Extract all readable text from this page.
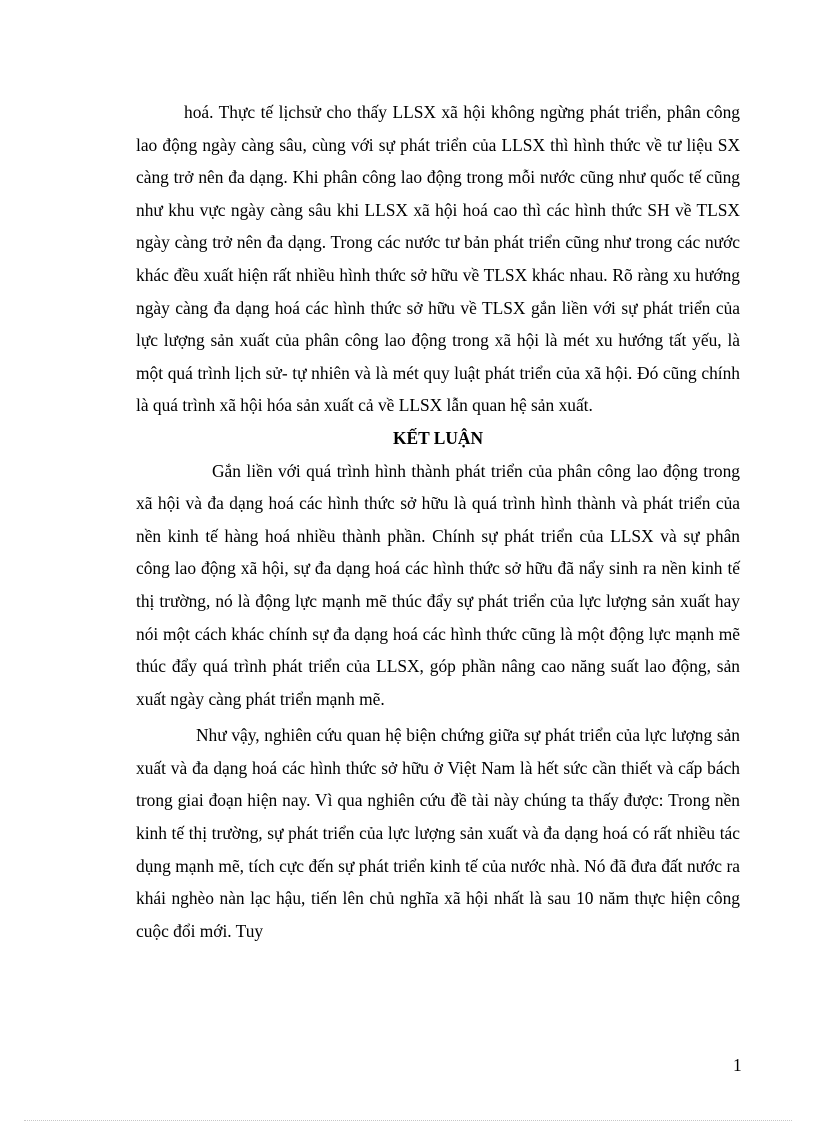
hoá. Thực tế lịchsử cho thấy LLSX xã hội không ngừng phát triển, phân công lao động ngày càng sâu, cùng với sự phát triển của LLSX thì hình thức về tư liệu SX càng trở nên đa dạng. Khi phân công lao động trong mỗi nước cũng như quốc tế cũng như khu vực ngày càng sâu khi LLSX xã hội hoá cao thì các hình thức SH về TLSX ngày càng trở nên đa dạng. Trong các nước tư bản phát triển cũng như trong các nước khác đều xuất hiện rất nhiều hình thức sở hữu về TLSX khác nhau. Rõ ràng xu hướng ngày càng đa dạng hoá các hình thức sở hữu về TLSX gắn liền với sự phát triển của lực lượng sản xuất của phân công lao động trong xã hội là mét xu hướng tất yếu, là một quá trình lịch sử- tự nhiên và là mét quy luật phát triển của xã hội. Đó cũng chính là quá trình xã hội hóa sản xuất cả về LLSX lẫn quan hệ sản xuất.

KẾT LUẬN

Gắn liền với quá trình hình thành phát triển của phân công lao động trong xã hội và đa dạng hoá các hình thức sở hữu là quá trình hình thành và phát triển của nền kinh tế hàng hoá nhiều thành phần. Chính sự phát triển của LLSX và sự phân công lao động xã hội, sự đa dạng hoá các hình thức sở hữu đã nẩy sinh ra nền kinh tế thị trường, nó là động lực mạnh mẽ thúc đẩy sự phát triển của lực lượng sản xuất hay nói một cách khác chính sự đa dạng hoá các hình thức cũng là một động lực mạnh mẽ thúc đẩy quá trình phát triển của LLSX, góp phần nâng cao năng suất lao động, sản xuất ngày càng phát triển mạnh mẽ.

Như vậy, nghiên cứu quan hệ biện chứng giữa sự phát triển của lực lượng sản xuất và đa dạng hoá các hình thức sở hữu ở Việt Nam là hết sức cần thiết và cấp bách trong giai đoạn hiện nay. Vì qua nghiên cứu đề tài này chúng ta thấy được: Trong nền kinh tế thị trường, sự phát triển của lực lượng sản xuất và đa dạng hoá có rất nhiều tác dụng mạnh mẽ, tích cực đến sự phát triển kinh tế của nước nhà. Nó đã đưa đất nước ra khái nghèo nàn lạc hậu, tiến lên chủ nghĩa xã hội nhất là sau 10 năm thực hiện công cuộc đổi mới. Tuy

1
